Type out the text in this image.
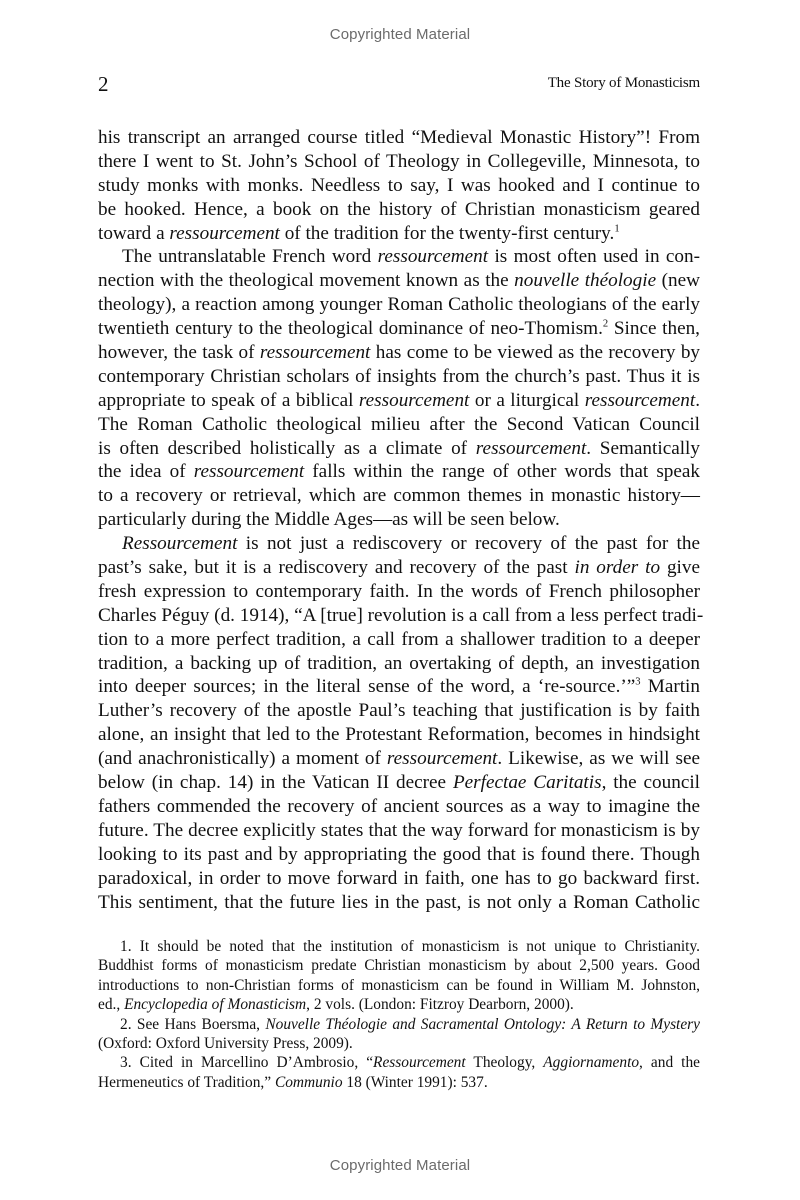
Copyrighted Material
2	The Story of Monasticism
his transcript an arranged course titled “Medieval Monastic History”! From
there I went to St. John’s School of Theology in Collegeville, Minnesota, to
study monks with monks. Needless to say, I was hooked and I continue to
be hooked. Hence, a book on the history of Christian monasticism geared
toward a ressourcement of the tradition for the twenty-first century.$^1$
The untranslatable French word ressourcement is most often used in con-
nection with the theological movement known as the nouvelle théologie (new
theology), a reaction among younger Roman Catholic theologians of the early
twentieth century to the theological dominance of neo-Thomism.$^2$ Since then,
however, the task of ressourcement has come to be viewed as the recovery by
contemporary Christian scholars of insights from the church’s past. Thus it is
appropriate to speak of a biblical ressourcement or a liturgical ressourcement.
The Roman Catholic theological milieu after the Second Vatican Council
is often described holistically as a climate of ressourcement. Semantically
the idea of ressourcement falls within the range of other words that speak
to a recovery or retrieval, which are common themes in monastic history—
particularly during the Middle Ages—as will be seen below.
Ressourcement is not just a rediscovery or recovery of the past for the
past’s sake, but it is a rediscovery and recovery of the past in order to give
fresh expression to contemporary faith. In the words of French philosopher
Charles Péguy (d. 1914), “A [true] revolution is a call from a less perfect tradi-
tion to a more perfect tradition, a call from a shallower tradition to a deeper
tradition, a backing up of tradition, an overtaking of depth, an investigation
into deeper sources; in the literal sense of the word, a ‘re-source.’”$^3$ Martin
Luther’s recovery of the apostle Paul’s teaching that justification is by faith
alone, an insight that led to the Protestant Reformation, becomes in hindsight
(and anachronistically) a moment of ressourcement. Likewise, as we will see
below (in chap. 14) in the Vatican II decree Perfectae Caritatis, the council
fathers commended the recovery of ancient sources as a way to imagine the
future. The decree explicitly states that the way forward for monasticism is by
looking to its past and by appropriating the good that is found there. Though
paradoxical, in order to move forward in faith, one has to go backward first.
This sentiment, that the future lies in the past, is not only a Roman Catholic
1. It should be noted that the institution of monasticism is not unique to Christianity.
Buddhist forms of monasticism predate Christian monasticism by about 2,500 years. Good
introductions to non-Christian forms of monasticism can be found in William M. Johnston,
ed., Encyclopedia of Monasticism, 2 vols. (London: Fitzroy Dearborn, 2000).
2. See Hans Boersma, Nouvelle Théologie and Sacramental Ontology: A Return to Mystery
(Oxford: Oxford University Press, 2009).
3. Cited in Marcellino D’Ambrosio, “Ressourcement Theology, Aggiornamento, and the
Hermeneutics of Tradition,” Communio 18 (Winter 1991): 537.
Copyrighted Material
